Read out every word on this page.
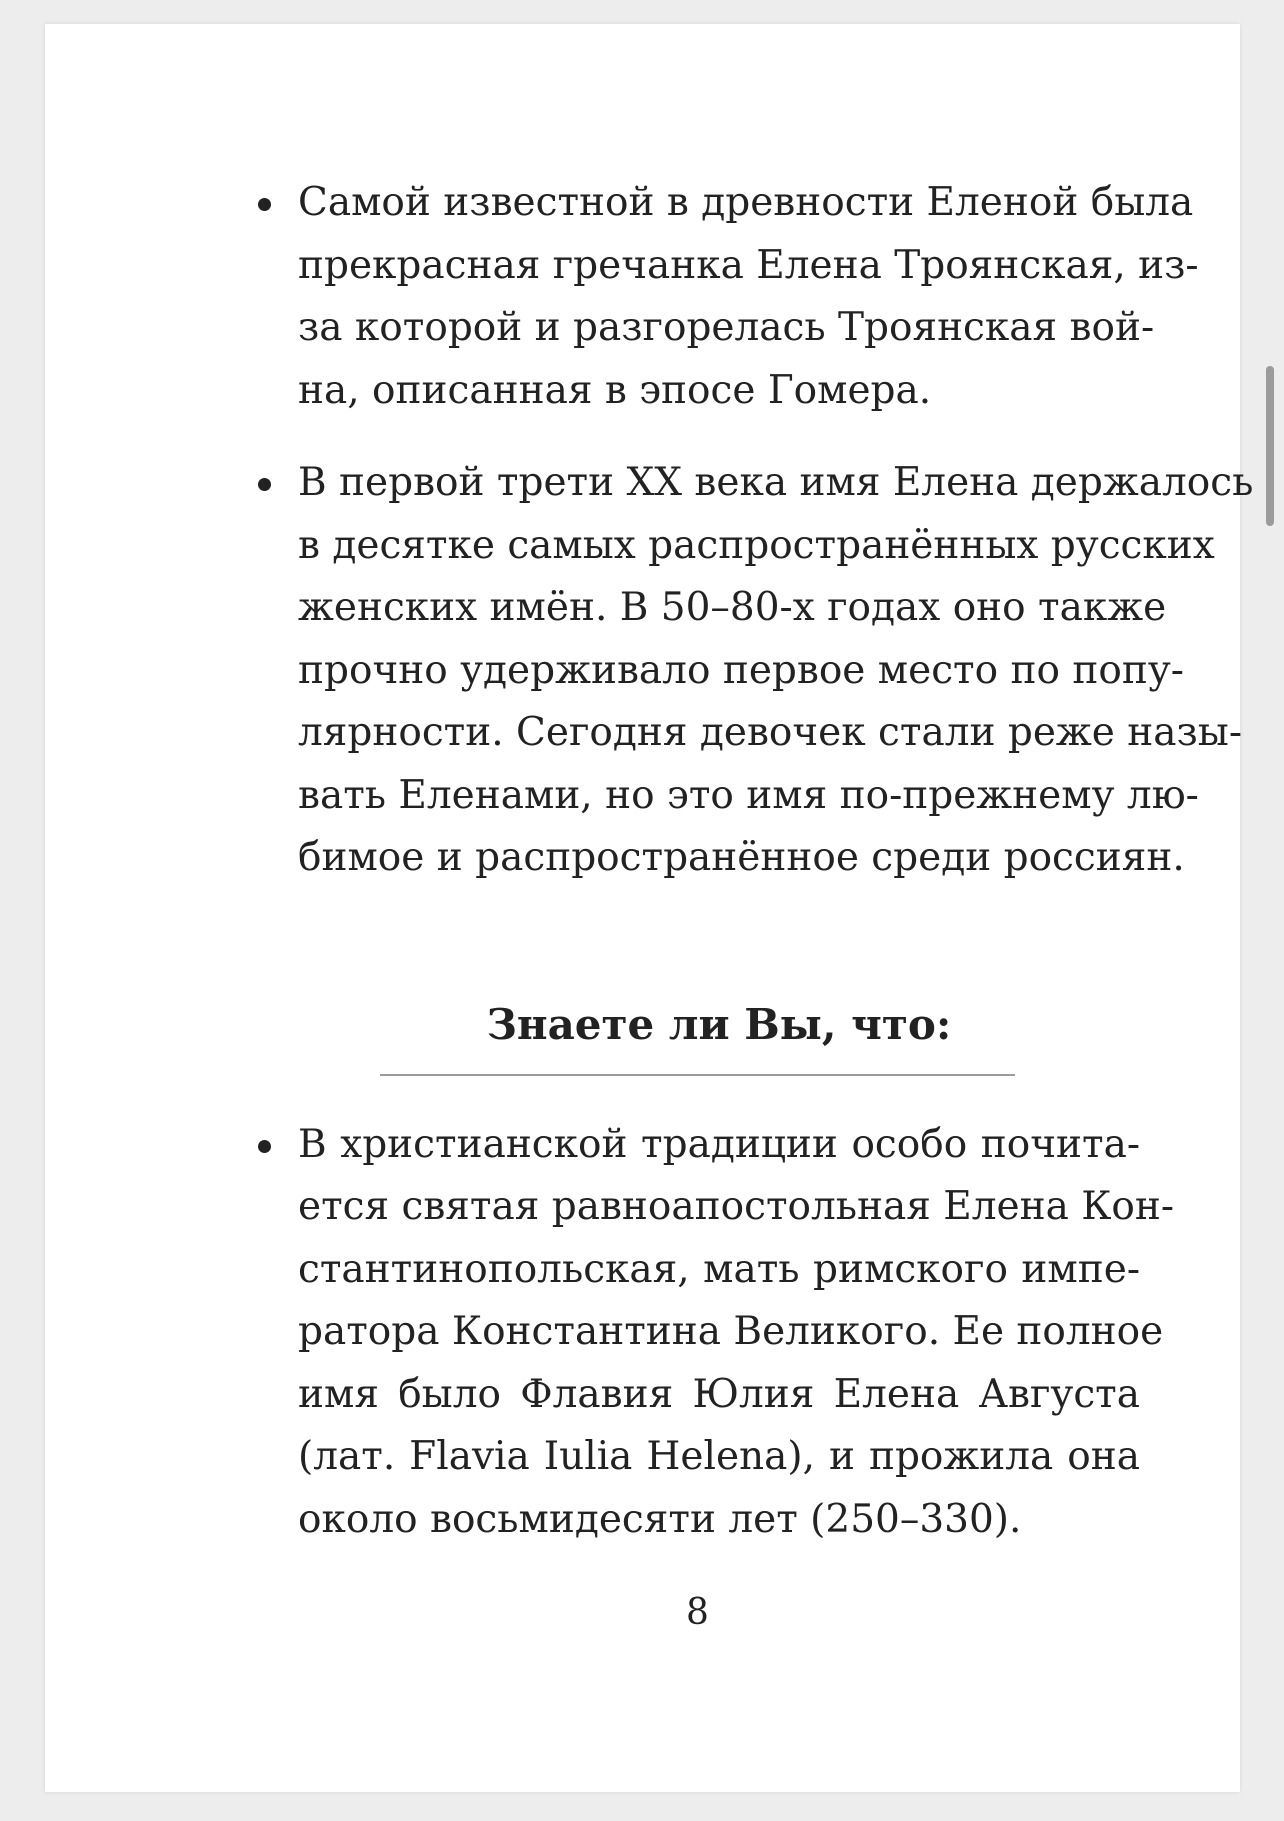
Самой известной в древности Еленой была
прекрасная гречанка Елена Троянская, из-
за которой и разгорелась Троянская вой-
на, описанная в эпосе Гомера.
В первой трети XX века имя Елена держалось
в десятке самых распространённых русских
женских имён. В 50–80-х годах оно также
прочно удерживало первое место по попу-
лярности. Сегодня девочек стали реже назы-
вать Еленами, но это имя по-прежнему лю-
бимое и распространённое среди россиян.
Знаете ли Вы, что:
В христианской традиции особо почита-
ется святая равноапостольная Елена Кон-
стантинопольская, мать римского импе-
ратора Константина Великого. Ее полное
имя было Флавия Юлия Елена Августа
(лат. Flavia Iulia Helena), и прожила она
около восьмидесяти лет (250–330).
8
